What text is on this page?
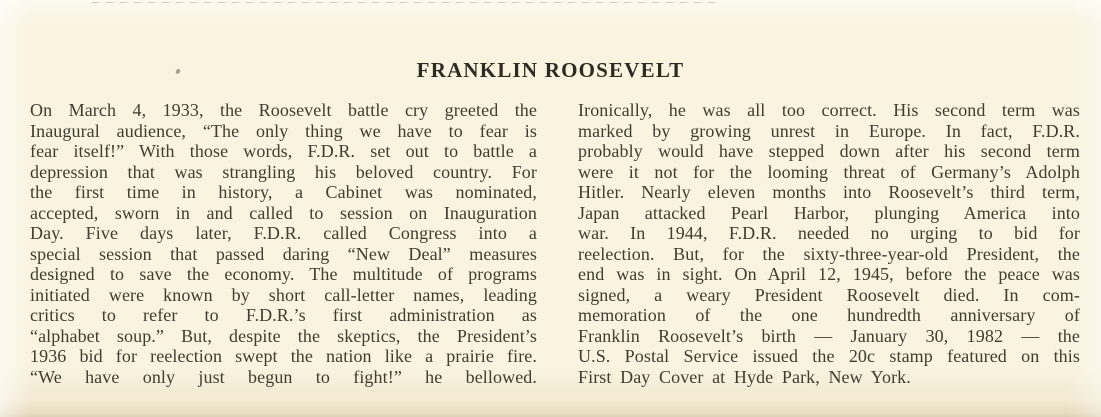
FRANKLIN ROOSEVELT
On March 4, 1933, the Roosevelt battle cry greeted the
Inaugural audience, “The only thing we have to fear is
fear itself!” With those words, F.D.R. set out to battle a
depression that was strangling his beloved country. For
the first time in history, a Cabinet was nominated,
accepted, sworn in and called to session on Inauguration
Day. Five days later, F.D.R. called Congress into a
special session that passed daring “New Deal” measures
designed to save the economy. The multitude of programs
initiated were known by short call-letter names, leading
critics to refer to F.D.R.’s first administration as
“alphabet soup.” But, despite the skeptics, the President’s
1936 bid for reelection swept the nation like a prairie fire.
“We have only just begun to fight!” he bellowed.
Ironically, he was all too correct. His second term was
marked by growing unrest in Europe. In fact, F.D.R.
probably would have stepped down after his second term
were it not for the looming threat of Germany’s Adolph
Hitler. Nearly eleven months into Roosevelt’s third term,
Japan attacked Pearl Harbor, plunging America into
war. In 1944, F.D.R. needed no urging to bid for
reelection. But, for the sixty-three-year-old President, the
end was in sight. On April 12, 1945, before the peace was
signed, a weary President Roosevelt died. In com-
memoration of the one hundredth anniversary of
Franklin Roosevelt’s birth — January 30, 1982 — the
U.S. Postal Service issued the 20c stamp featured on this
First Day Cover at Hyde Park, New York.
